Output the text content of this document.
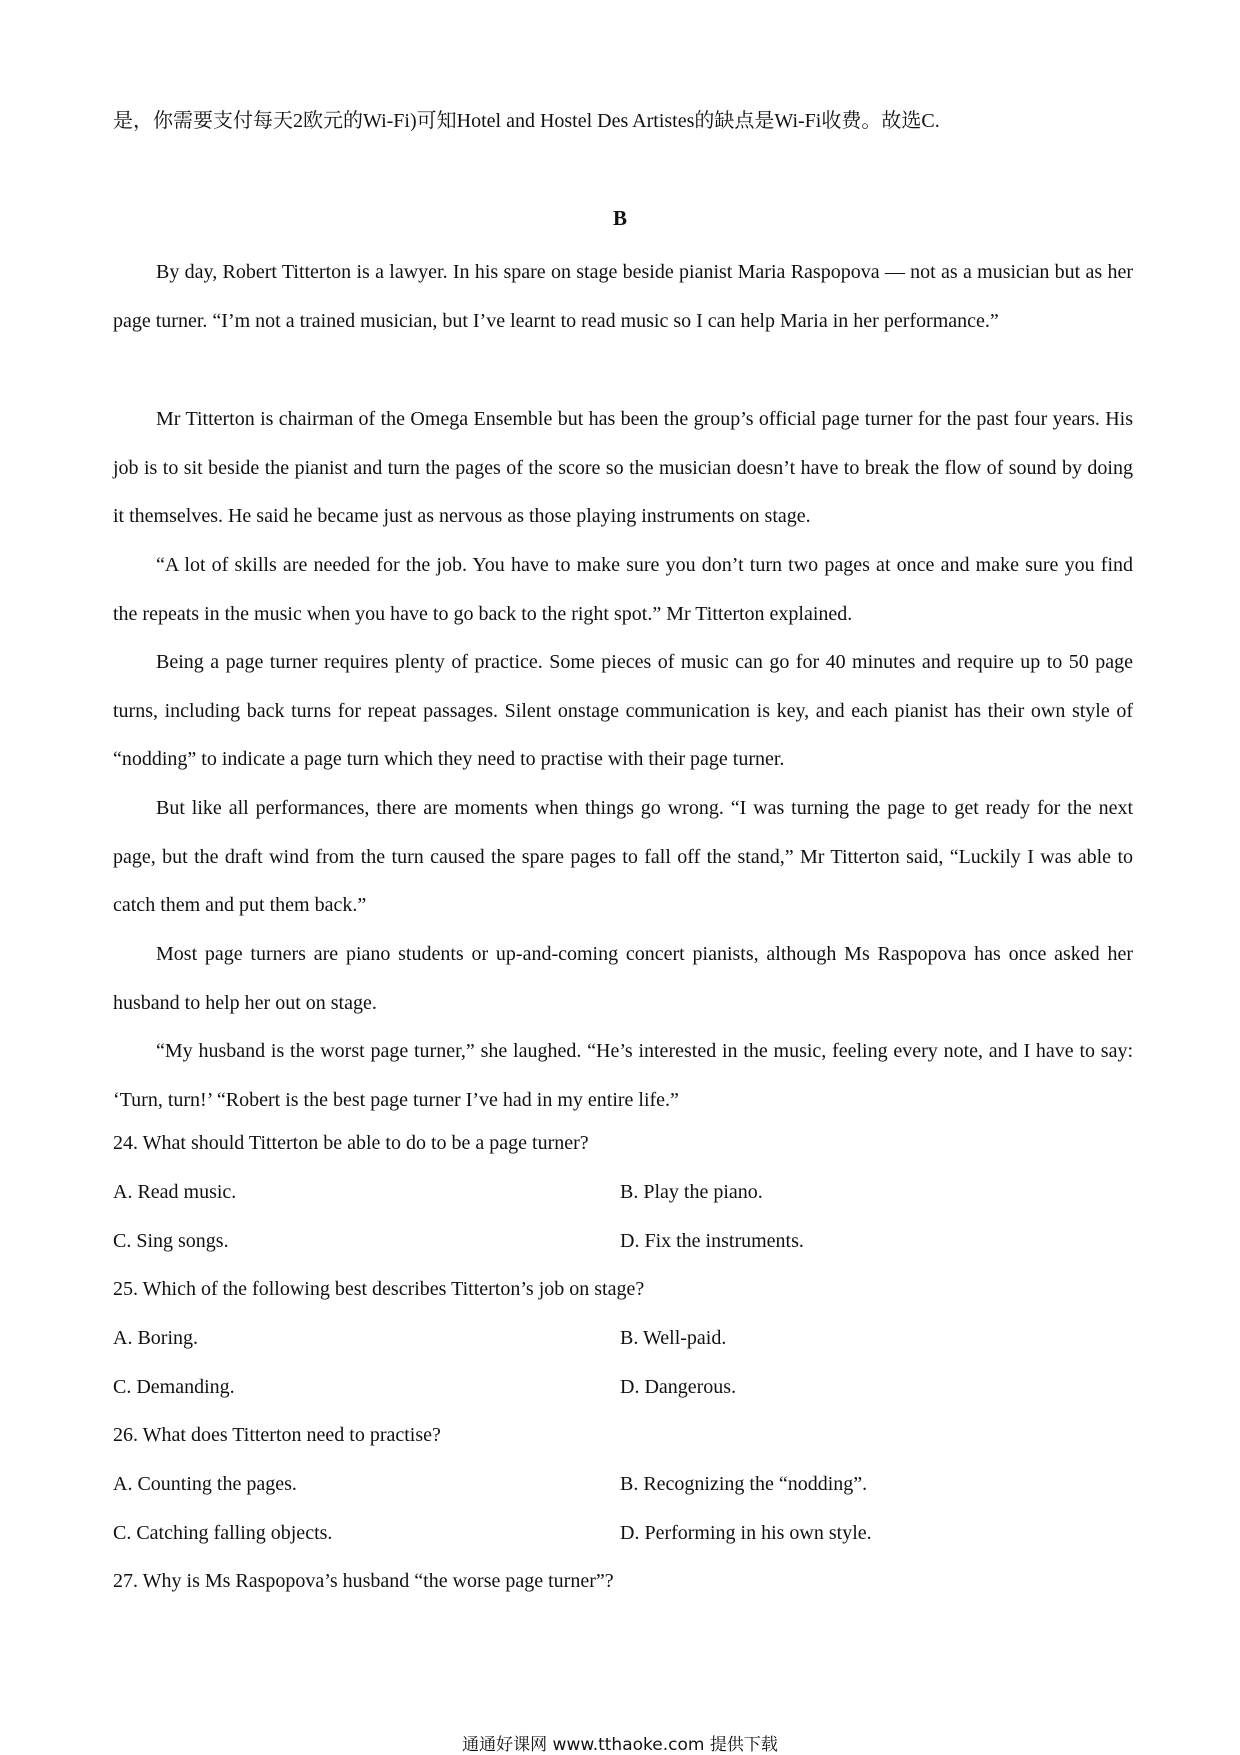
是，你需要支付每天2欧元的Wi-Fi)可知Hotel and Hostel Des Artistes的缺点是Wi-Fi收费。故选C.
B

By day, Robert Titterton is a lawyer. In his spare on stage beside pianist Maria Raspopova — not as a musician but as her page turner. “I’m not a trained musician, but I’ve learnt to read music so I can help Maria in her performance.”

Mr Titterton is chairman of the Omega Ensemble but has been the group’s official page turner for the past four years. His job is to sit beside the pianist and turn the pages of the score so the musician doesn’t have to break the flow of sound by doing it themselves. He said he became just as nervous as those playing instruments on stage.

“A lot of skills are needed for the job. You have to make sure you don’t turn two pages at once and make sure you find the repeats in the music when you have to go back to the right spot.” Mr Titterton explained.

Being a page turner requires plenty of practice. Some pieces of music can go for 40 minutes and require up to 50 page turns, including back turns for repeat passages. Silent onstage communication is key, and each pianist has their own style of “nodding” to indicate a page turn which they need to practise with their page turner.

But like all performances, there are moments when things go wrong. “I was turning the page to get ready for the next page, but the draft wind from the turn caused the spare pages to fall off the stand,” Mr Titterton said, “Luckily I was able to catch them and put them back.”

Most page turners are piano students or up-and-coming concert pianists, although Ms Raspopova has once asked her husband to help her out on stage.

“My husband is the worst page turner,” she laughed. “He’s interested in the music, feeling every note, and I have to say: ‘Turn, turn!’ “Robert is the best page turner I’ve had in my entire life.”

24. What should Titterton be able to do to be a page turner?
A. Read music.	B. Play the piano.
C. Sing songs.	D. Fix the instruments.
25. Which of the following best describes Titterton’s job on stage?
A. Boring.	B. Well-paid.
C. Demanding.	D. Dangerous.
26. What does Titterton need to practise?
A. Counting the pages.	B. Recognizing the “nodding”.
C. Catching falling objects.	D. Performing in his own style.
27. Why is Ms Raspopova’s husband “the worse page turner”?
通通好课网 www.tthaoke.com 提供下载
